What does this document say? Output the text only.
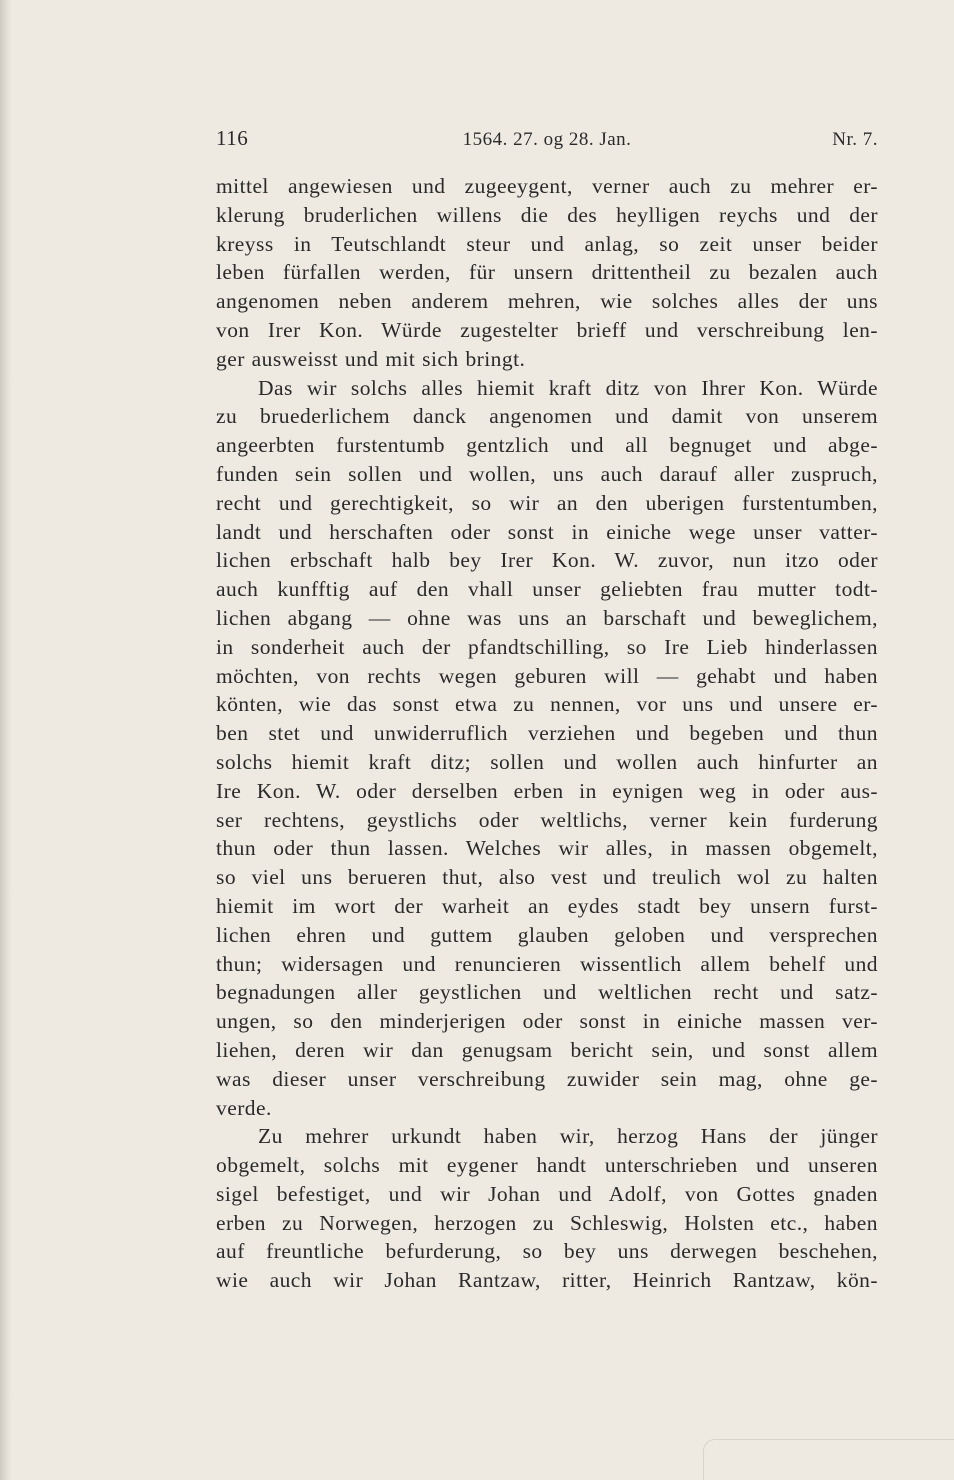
116	1564. 27. og 28. Jan.	Nr. 7.
mittel angewiesen und zugeeygent, verner auch zu mehrer er-
klerung bruderlichen willens die des heylligen reychs und der
kreyss in Teutschlandt steur und anlag, so zeit unser beider
leben fürfallen werden, für unsern drittentheil zu bezalen auch
angenomen neben anderem mehren, wie solches alles der uns
von Irer Kon. Würde zugestelter brieff und verschreibung len-
ger ausweisst und mit sich bringt.
Das wir solchs alles hiemit kraft ditz von Ihrer Kon. Würde
zu bruederlichem danck angenomen und damit von unserem
angeerbten furstentumb gentzlich und all begnuget und abge-
funden sein sollen und wollen, uns auch darauf aller zuspruch,
recht und gerechtigkeit, so wir an den uberigen furstentumben,
landt und herschaften oder sonst in einiche wege unser vatter-
lichen erbschaft halb bey Irer Kon. W. zuvor, nun itzo oder
auch kunfftig auf den vhall unser geliebten frau mutter todt-
lichen abgang — ohne was uns an barschaft und beweglichem,
in sonderheit auch der pfandtschilling, so Ire Lieb hinderlassen
möchten, von rechts wegen geburen will — gehabt und haben
könten, wie das sonst etwa zu nennen, vor uns und unsere er-
ben stet und unwiderruflich verziehen und begeben und thun
solchs hiemit kraft ditz; sollen und wollen auch hinfurter an
Ire Kon. W. oder derselben erben in eynigen weg in oder aus-
ser rechtens, geystlichs oder weltlichs, verner kein furderung
thun oder thun lassen. Welches wir alles, in massen obgemelt,
so viel uns berueren thut, also vest und treulich wol zu halten
hiemit im wort der warheit an eydes stadt bey unsern furst-
lichen ehren und guttem glauben geloben und versprechen
thun; widersagen und renuncieren wissentlich allem behelf und
begnadungen aller geystlichen und weltlichen recht und satz-
ungen, so den minderjerigen oder sonst in einiche massen ver-
liehen, deren wir dan genugsam bericht sein, und sonst allem
was dieser unser verschreibung zuwider sein mag, ohne ge-
verde.
Zu mehrer urkundt haben wir, herzog Hans der jünger
obgemelt, solchs mit eygener handt unterschrieben und unseren
sigel befestiget, und wir Johan und Adolf, von Gottes gnaden
erben zu Norwegen, herzogen zu Schleswig, Holsten etc., haben
auf freuntliche befurderung, so bey uns derwegen beschehen,
wie auch wir Johan Rantzaw, ritter, Heinrich Rantzaw, kön-
